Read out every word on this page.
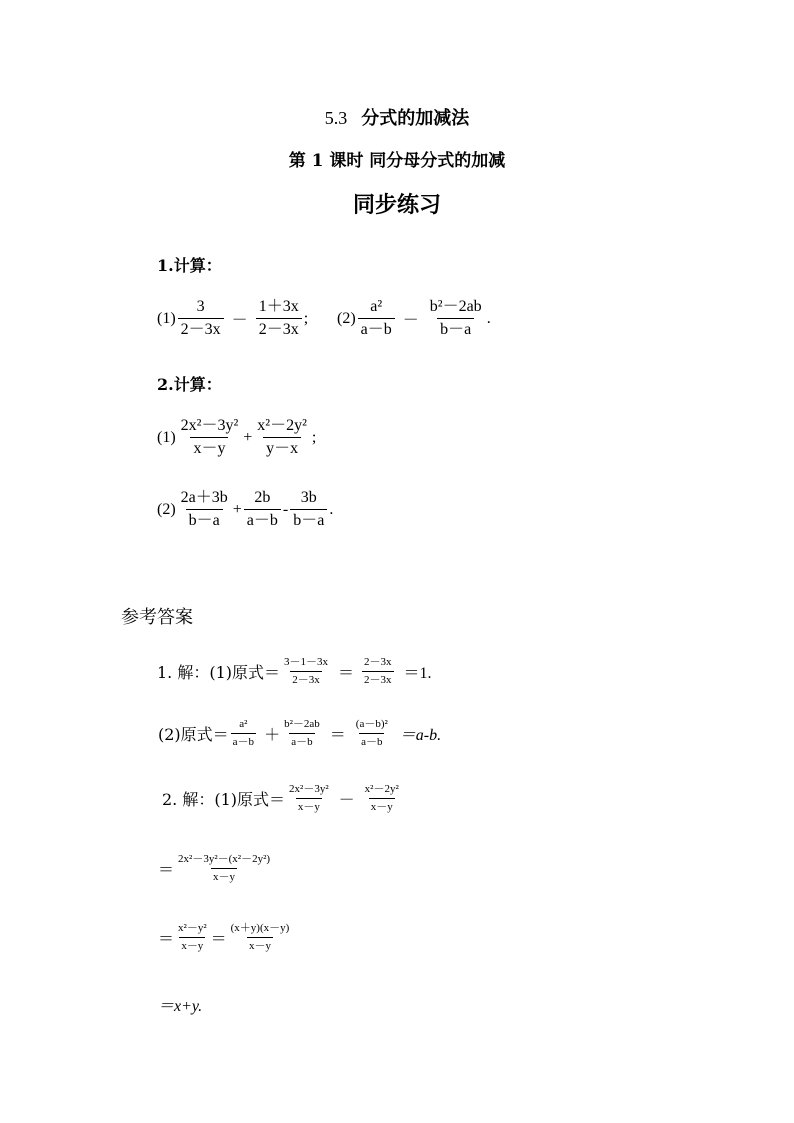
5.3 分式的加减法
第 1 课时 同分母分式的加减
同步练习
1.计算：
$(1) \frac{3}{2-3x} - \frac{1+3x}{2-3x}$ ; $(2) \frac{\text{a²}}{a-b} - \frac{\text{b²－2ab}}{b-a}$ .
2.计算：
$(1) \frac{\text{2x²－3y²}}{x-y} + \frac{\text{x²－2y²}}{y-x}$ ;
$(2) \frac{2a+3b}{b-a} + \frac{2b}{a-b} - \frac{3b}{b-a}$ .
参考答案
1. 解：(1)原式＝ $\frac{3-1-3x}{2-3x} = \frac{2-3x}{2-3x} =1$.
(2)原式＝ $\frac{\text{a²}}{a-b} + \frac{\text{b²－2ab}}{a-b} = \frac{\text{(a－b)²}}{a-b} =a-b$.
2. 解：(1)原式＝ $\frac{\text{2x²－3y²}}{x-y} - \frac{\text{x²－2y²}}{x-y}$
＝ $\frac{\text{2x²－3y²－(x²－2y²)}}{x-y}$
＝ $\frac{\text{x²－y²}}{x-y} = \frac{(x+y)(x-y)}{x-y}$
＝x+y.
